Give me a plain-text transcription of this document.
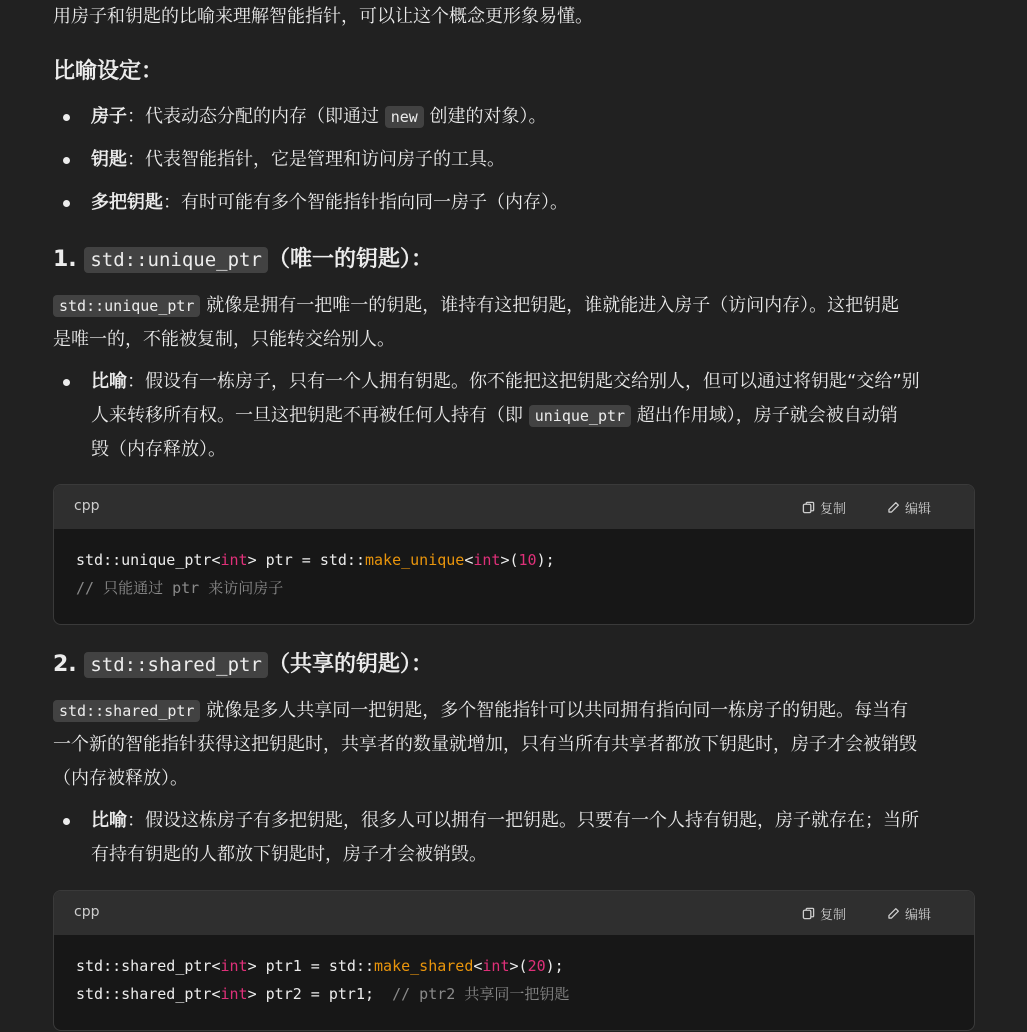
用房子和钥匙的比喻来理解智能指针，可以让这个概念更形象易懂。

比喻设定：
房子：代表动态分配的内存（即通过 new 创建的对象）。
钥匙：代表智能指针，它是管理和访问房子的工具。
多把钥匙：有时可能有多个智能指针指向同一房子（内存）。
1. std::unique_ptr （唯一的钥匙）：

std::unique_ptr 就像是拥有一把唯一的钥匙，谁持有这把钥匙，谁就能进入房子（访问内存）。这把钥匙

是唯一的，不能被复制，只能转交给别人。

比喻：假设有一栋房子，只有一个人拥有钥匙。你不能把这把钥匙交给别人，但可以通过将钥匙“交给”别
人来转移所有权。一旦这把钥匙不再被任何人持有（即 unique_ptr 超出作用域），房子就会被自动销
毁（内存释放）。
cpp	复制	编辑
std::unique_ptr<int> ptr = std::make_unique<int>(10);
// 只能通过 ptr 来访问房子
2. std::shared_ptr （共享的钥匙）：

std::shared_ptr 就像是多人共享同一把钥匙，多个智能指针可以共同拥有指向同一栋房子的钥匙。每当有

一个新的智能指针获得这把钥匙时，共享者的数量就增加，只有当所有共享者都放下钥匙时，房子才会被销毁

（内存被释放）。

比喻：假设这栋房子有多把钥匙，很多人可以拥有一把钥匙。只要有一个人持有钥匙，房子就存在；当所
有持有钥匙的人都放下钥匙时，房子才会被销毁。
cpp	复制	编辑
std::shared_ptr<int> ptr1 = std::make_shared<int>(20);
std::shared_ptr<int> ptr2 = ptr1;  // ptr2 共享同一把钥匙
